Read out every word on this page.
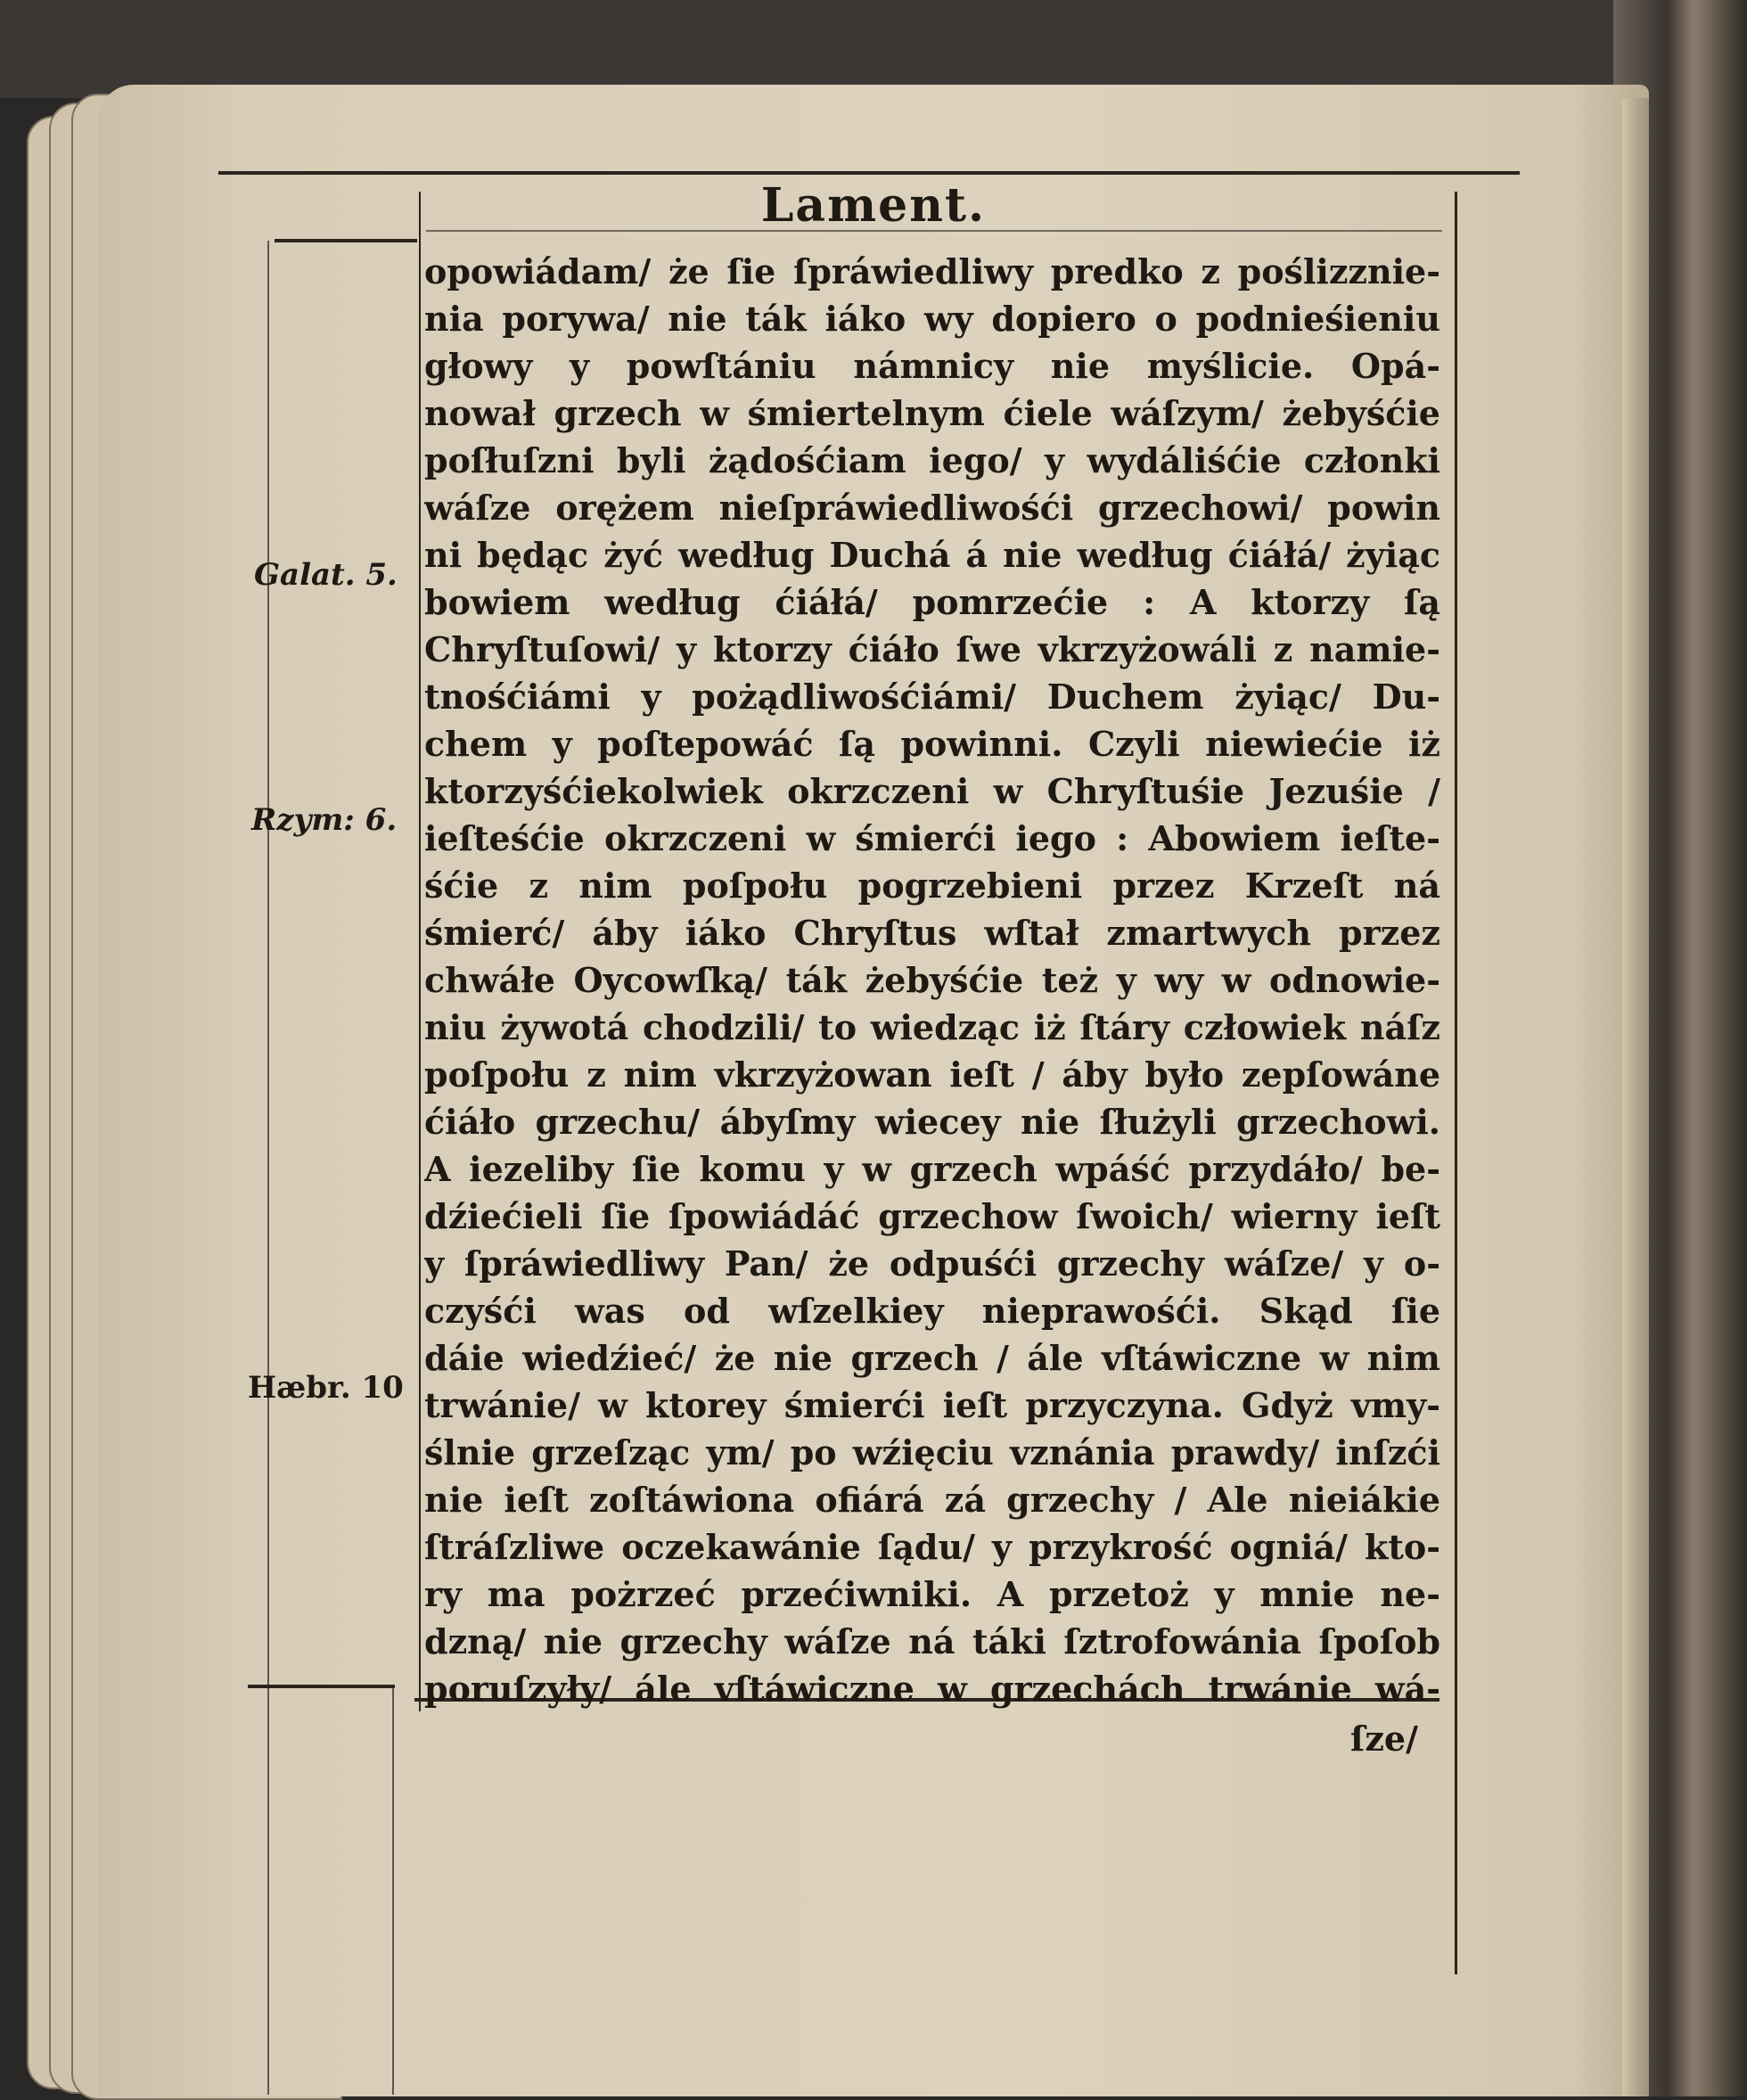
Lament.
opowiádam/ że ſie ſpráwiedliwy predko z poślizznie-
nia porywa/ nie ták iáko wy dopiero o podnieśieniu
głowy y powſtániu námnicy nie myślicie. Opá-
nował grzech w śmiertelnym ćiele wáſzym/ żebyśćie
poſłuſzni byli żądośćiam iego/ y wydáliśćie członki
wáſze orężem nieſpráwiedliwośći grzechowi/ powin
ni będąc żyć według Duchá á nie według ćiáłá/ żyiąc
bowiem według ćiáłá/ pomrzećie : A ktorzy ſą
Chryſtuſowi/ y ktorzy ćiáło ſwe vkrzyżowáli z namie-
tnośćiámi y pożądliwośćiámi/ Duchem żyiąc/ Du-
chem y poſtepowáć ſą powinni. Czyli niewiećie iż
ktorzyśćiekolwiek okrzczeni w Chryſtuśie Jezuśie /
ieſteśćie okrzczeni w śmierći iego : Abowiem ieſte-
śćie z nim poſpołu pogrzebieni przez Krzeſt ná
śmierć/ áby iáko Chryſtus wſtał zmartwych przez
chwáłe Oycowſką/ ták żebyśćie też y wy w odnowie-
niu żywotá chodzili/ to wiedząc iż ſtáry człowiek náſz
poſpołu z nim vkrzyżowan ieſt / áby było zepſowáne
ćiáło grzechu/ ábyſmy wiecey nie ſłużyli grzechowi.
A iezeliby ſie komu y w grzech wpáść przydáło/ be-
dźiećieli ſie ſpowiádáć grzechow ſwoich/ wierny ieſt
y ſpráwiedliwy Pan/ że odpuśći grzechy wáſze/ y o-
czyśći was od wſzelkiey nieprawośći. Skąd ſie
dáie wiedźieć/ że nie grzech / ále vſtáwiczne w nim
trwánie/ w ktorey śmierći ieſt przyczyna. Gdyż vmy-
ślnie grzeſząc ym/ po wźięciu vznánia prawdy/ inſzći
nie ieſt zoſtáwiona ofiárá zá grzechy / Ale nieiákie
ſtráſzliwe oczekawánie ſądu/ y przykrość ogniá/ kto-
ry ma pożrzeć przećiwniki. A przetoż y mnie ne-
dzną/ nie grzechy wáſze ná táki ſztrofowánia ſpoſob
poruſzyły/ ále vſtáwiczne w grzechách trwánie wá-
Galat. 5.
Rzym: 6.
Hæbr. 10
ſze/
